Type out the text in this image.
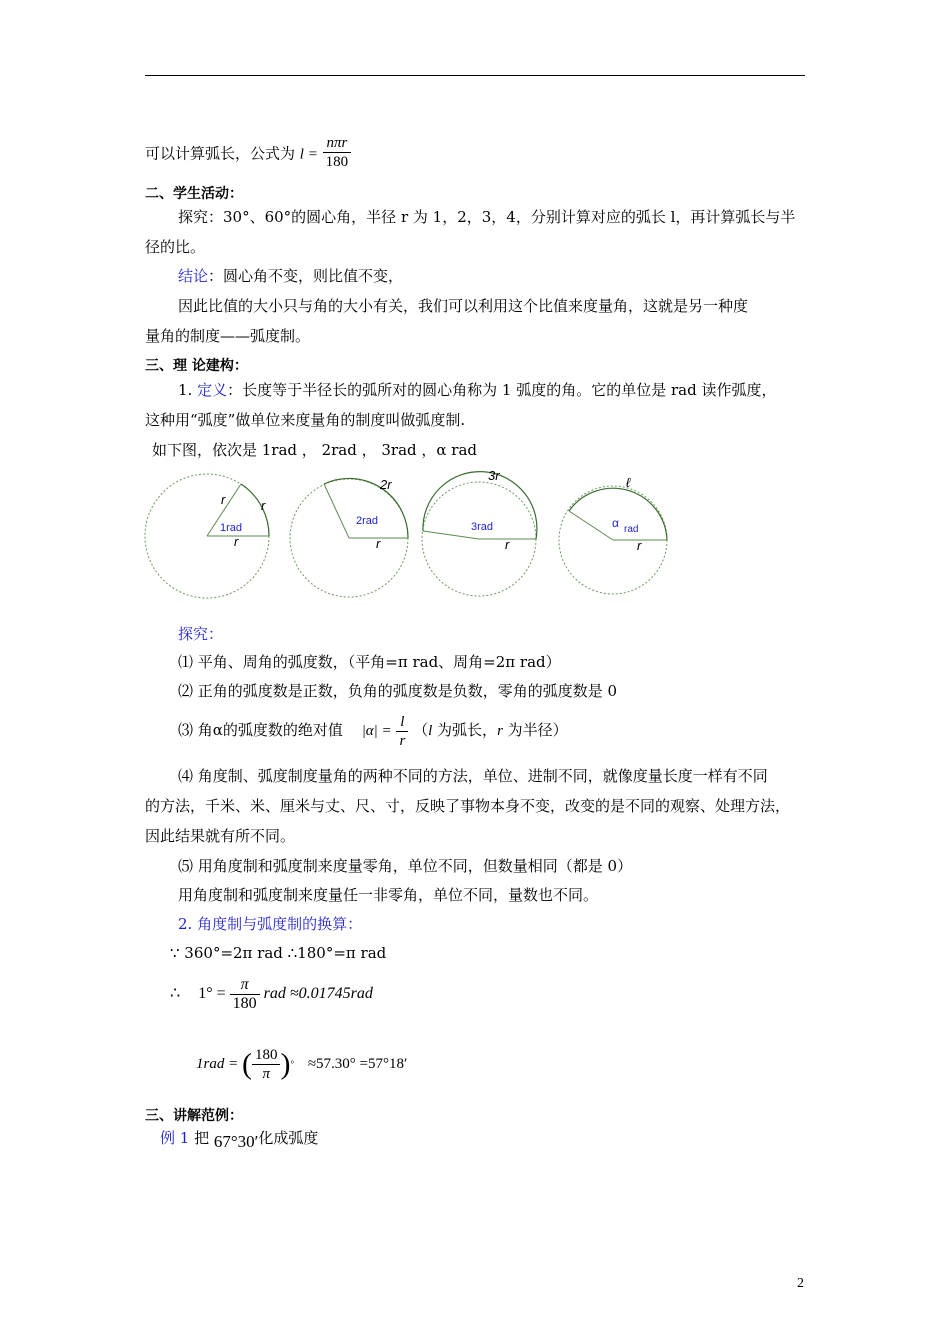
可以计算弧长，公式为 $l = \frac{\text{nπr}}{180}$
二、学生活动：
探究：30°、60°的圆心角，半径 r 为 1，2，3，4，分别计算对应的弧长 l，再计算弧长与半
径的比。
结论：圆心角不变，则比值不变，
因此比值的大小只与角的大小有关，我们可以利用这个比值来度量角，这就是另一种度
量角的制度——弧度制。
三、理 论建构：
1. 定义：长度等于半径长的弧所对的圆心角称为 1 弧度的角。它的单位是 rad 读作弧度，
这种用“弧度”做单位来度量角的制度叫做弧度制.
如下图，依次是 1rad ， 2rad ， 3rad ，α rad
1rad
r	r
r
2rad
2r
r
3rad
3r
r
α rad
ℓ
r
探究：
⑴ 平角、周角的弧度数，（平角=π rad、周角=2π rad）
⑵ 正角的弧度数是正数，负角的弧度数是负数，零角的弧度数是 0
⑶ 角α的弧度数的绝对值 $|\alpha| = \frac{l}{r} (l$ 为弧长，r 为半径）
⑷ 角度制、弧度制度量角的两种不同的方法，单位、进制不同，就像度量长度一样有不同
的方法，千米、米、厘米与丈、尺、寸，反映了事物本身不变，改变的是不同的观察、处理方法，
因此结果就有所不同。
⑸ 用角度制和弧度制来度量零角，单位不同，但数量相同（都是 0）
用角度制和弧度制来度量任一非零角，单位不同，量数也不同。
2. 角度制与弧度制的换算：
∵ 360°=2π rad ∴180°=π rad
∴ $1^\circ = \frac{\pi}{180}$ rad ≈0.01745rad
1rad = ( $\frac{180}{\pi} )^\circ \approx 57.30^\circ =57^\circ 18'$
三、讲解范例：
例 1 把 67°30′化成弧度
2
